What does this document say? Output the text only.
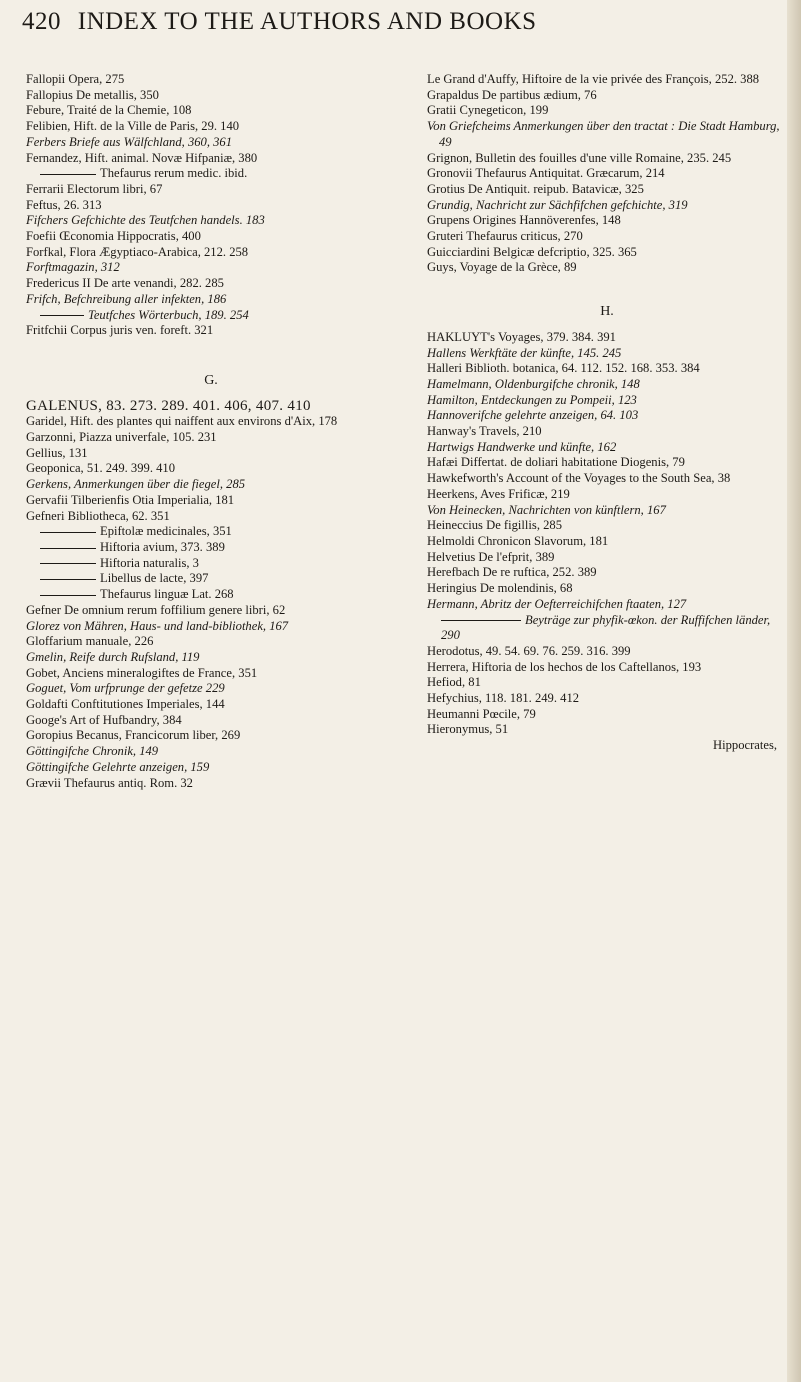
420 INDEX TO THE AUTHORS AND BOOKS
Fallopii Opera, 275
Fallopius De metallis, 350
Febure, Traité de la Chemie, 108
Felibien, Hift. de la Ville de Paris, 29. 140
Ferbers Briefe aus Wälfchland, 360, 361
Fernandez, Hift. animal. Novæ Hifpaniæ, 380
Thefaurus rerum medic. ibid.
Ferrarii Electorum libri, 67
Feftus, 26. 313
Fifchers Gefchichte des Teutfchen handels. 183
Foefii Œconomia Hippocratis, 400
Forfkal, Flora Ægyptiaco-Arabica, 212. 258
Forftmagazin, 312
Fredericus II De arte venandi, 282. 285
Frifch, Befchreibung aller infekten, 186
Teutfches Wörterbuch, 189. 254
Fritfchii Corpus juris ven. foreft. 321

G.

GALENUS, 83. 273. 289. 401. 406, 407. 410
Garidel, Hift. des plantes qui naiffent aux environs d'Aix, 178
Garzonni, Piazza univerfale, 105. 231
Gellius, 131
Geoponica, 51. 249. 399. 410
Gerkens, Anmerkungen über die fiegel, 285
Gervafii Tilberienfis Otia Imperialia, 181
Gefneri Bibliotheca, 62. 351
Epiftolæ medicinales, 351
Hiftoria avium, 373. 389
Hiftoria naturalis, 3
Libellus de lacte, 397
Thefaurus linguæ Lat. 268
Gefner De omnium rerum foffilium genere libri, 62
Glorez von Mähren, Haus- und land-bibliothek, 167
Gloffarium manuale, 226
Gmelin, Reife durch Rufsland, 119
Gobet, Anciens mineralogiftes de France, 351
Goguet, Vom urfprunge der gefetze 229
Goldafti Conftitutiones Imperiales, 144
Googe's Art of Hufbandry, 384
Goropius Becanus, Francicorum liber, 269
Göttingifche Chronik, 149
Göttingifche Gelehrte anzeigen, 159
Grævii Thefaurus antiq. Rom. 32
Le Grand d'Auffy, Hiftoire de la vie privée des François, 252. 388
Grapaldus De partibus ædium, 76
Gratii Cynegeticon, 199
Von Griefcheims Anmerkungen über den tractat : Die Stadt Hamburg, 49
Grignon, Bulletin des fouilles d'une ville Romaine, 235. 245
Gronovii Thefaurus Antiquitat. Græcarum, 214
Grotius De Antiquit. reipub. Batavicæ, 325
Grundig, Nachricht zur Sächfifchen gefchichte, 319
Grupens Origines Hannöverenfes, 148
Gruteri Thefaurus criticus, 270
Guicciardini Belgicæ defcriptio, 325. 365
Guys, Voyage de la Grèce, 89

H.

HAKLUYT's Voyages, 379. 384. 391
Hallens Werkftäte der künfte, 145. 245
Halleri Biblioth. botanica, 64. 112. 152. 168. 353. 384
Hamelmann, Oldenburgifche chronik, 148
Hamilton, Entdeckungen zu Pompeii, 123
Hannoverifche gelehrte anzeigen, 64. 103
Hanway's Travels, 210
Hartwigs Handwerke und künfte, 162
Hafæi Differtat. de doliari habitatione Diogenis, 79
Hawkefworth's Account of the Voyages to the South Sea, 38
Heerkens, Aves Frificæ, 219
Von Heinecken, Nachrichten von künftlern, 167
Heineccius De figillis, 285
Helmoldi Chronicon Slavorum, 181
Helvetius De l'efprit, 389
Herefbach De re ruftica, 252. 389
Heringius De molendinis, 68
Hermann, Abritz der Oefterreichifchen ftaaten, 127
Beyträge zur phyfik-œkon. der Ruffifchen länder, 290
Herodotus, 49. 54. 69. 76. 259. 316. 399
Herrera, Hiftoria de los hechos de los Caftellanos, 193
Hefiod, 81
Hefychius, 118. 181. 249. 412
Heumanni Pœcile, 79
Hieronymus, 51
Hippocrates,
